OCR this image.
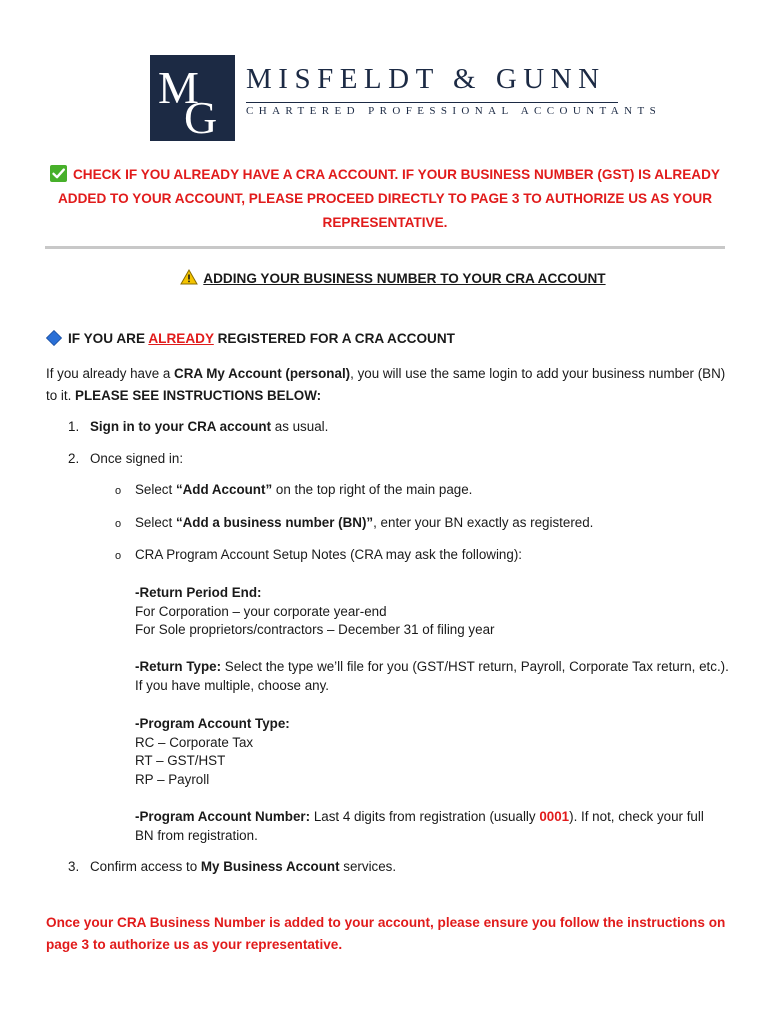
M
G
MISFELDT & GUNN
CHARTERED PROFESSIONAL ACCOUNTANTS
CHECK IF YOU ALREADY HAVE A CRA ACCOUNT. IF YOUR BUSINESS NUMBER (GST) IS ALREADY ADDED TO YOUR ACCOUNT, PLEASE PROCEED DIRECTLY TO PAGE 3 TO AUTHORIZE US AS YOUR REPRESENTATIVE.
ADDING YOUR BUSINESS NUMBER TO YOUR CRA ACCOUNT
IF YOU ARE ALREADY REGISTERED FOR A CRA ACCOUNT
If you already have a CRA My Account (personal), you will use the same login to add your business number (BN) to it. PLEASE SEE INSTRUCTIONS BELOW:
1. Sign in to your CRA account as usual.
2. Once signed in:
o Select “Add Account” on the top right of the main page.
o Select “Add a business number (BN)”, enter your BN exactly as registered.
o CRA Program Account Setup Notes (CRA may ask the following):
-Return Period End:
For Corporation – your corporate year-end
For Sole proprietors/contractors – December 31 of filing year
-Return Type: Select the type we’ll file for you (GST/HST return, Payroll, Corporate Tax return, etc.). If you have multiple, choose any.
-Program Account Type:
RC – Corporate Tax
RT – GST/HST
RP – Payroll
-Program Account Number: Last 4 digits from registration (usually 0001). If not, check your full BN from registration.
3. Confirm access to My Business Account services.
Once your CRA Business Number is added to your account, please ensure you follow the instructions on page 3 to authorize us as your representative.
